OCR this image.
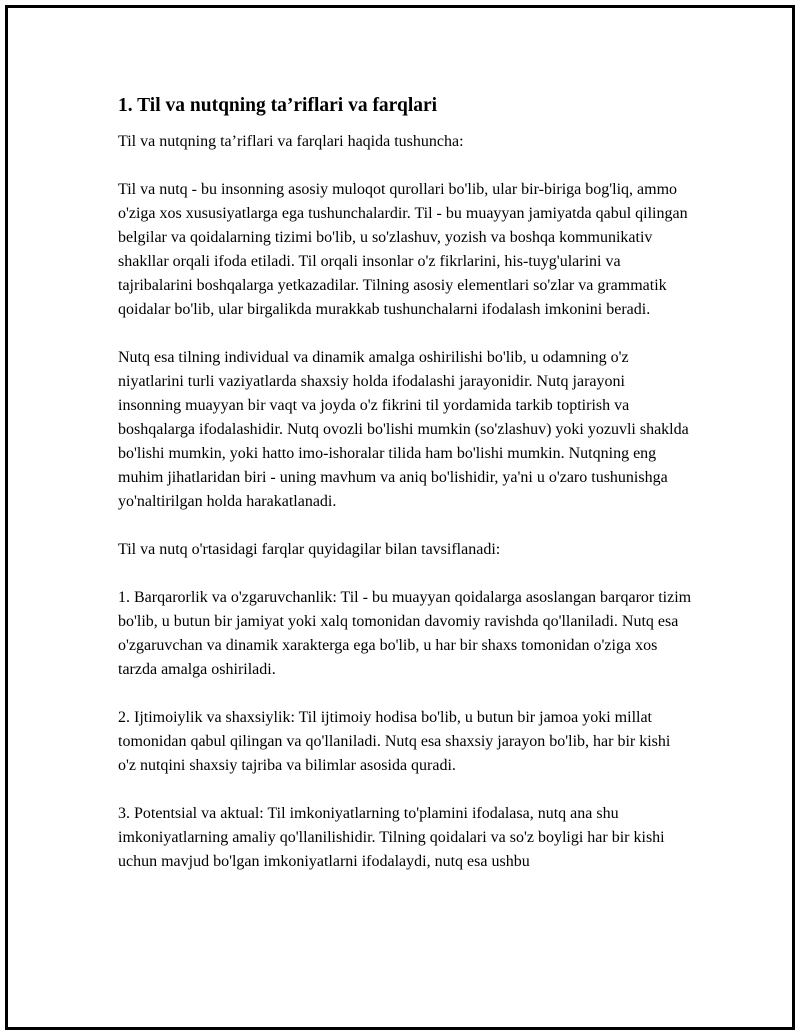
1. Til va nutqning ta’riflari va farqlari

Til va nutqning ta’riflari va farqlari haqida tushuncha:

Til va nutq - bu insonning asosiy muloqot qurollari bo'lib, ular bir-biriga bog'liq, ammo o'ziga xos xususiyatlarga ega tushunchalardir. Til - bu muayyan jamiyatda qabul qilingan belgilar va qoidalarning tizimi bo'lib, u so'zlashuv, yozish va boshqa kommunikativ shakllar orqali ifoda etiladi. Til orqali insonlar o'z fikrlarini, his-tuyg'ularini va tajribalarini boshqalarga yetkazadilar. Tilning asosiy elementlari so'zlar va grammatik qoidalar bo'lib, ular birgalikda murakkab tushunchalarni ifodalash imkonini beradi.

Nutq esa tilning individual va dinamik amalga oshirilishi bo'lib, u odamning o'z niyatlarini turli vaziyatlarda shaxsiy holda ifodalashi jarayonidir. Nutq jarayoni insonning muayyan bir vaqt va joyda o'z fikrini til yordamida tarkib toptirish va boshqalarga ifodalashidir. Nutq ovozli bo'lishi mumkin (so'zlashuv) yoki yozuvli shaklda bo'lishi mumkin, yoki hatto imo-ishoralar tilida ham bo'lishi mumkin. Nutqning eng muhim jihatlaridan biri - uning mavhum va aniq bo'lishidir, ya'ni u o'zaro tushunishga yo'naltirilgan holda harakatlanadi.

Til va nutq o'rtasidagi farqlar quyidagilar bilan tavsiflanadi:

1. Barqarorlik va o'zgaruvchanlik: Til - bu muayyan qoidalarga asoslangan barqaror tizim bo'lib, u butun bir jamiyat yoki xalq tomonidan davomiy ravishda qo'llaniladi. Nutq esa o'zgaruvchan va dinamik xarakterga ega bo'lib, u har bir shaxs tomonidan o'ziga xos tarzda amalga oshiriladi.

2. Ijtimoiylik va shaxsiylik: Til ijtimoiy hodisa bo'lib, u butun bir jamoa yoki millat tomonidan qabul qilingan va qo'llaniladi. Nutq esa shaxsiy jarayon bo'lib, har bir kishi o'z nutqini shaxsiy tajriba va bilimlar asosida quradi.

3. Potentsial va aktual: Til imkoniyatlarning to'plamini ifodalasa, nutq ana shu imkoniyatlarning amaliy qo'llanilishidir. Tilning qoidalari va so'z boyligi har bir kishi uchun mavjud bo'lgan imkoniyatlarni ifodalaydi, nutq esa ushbu
